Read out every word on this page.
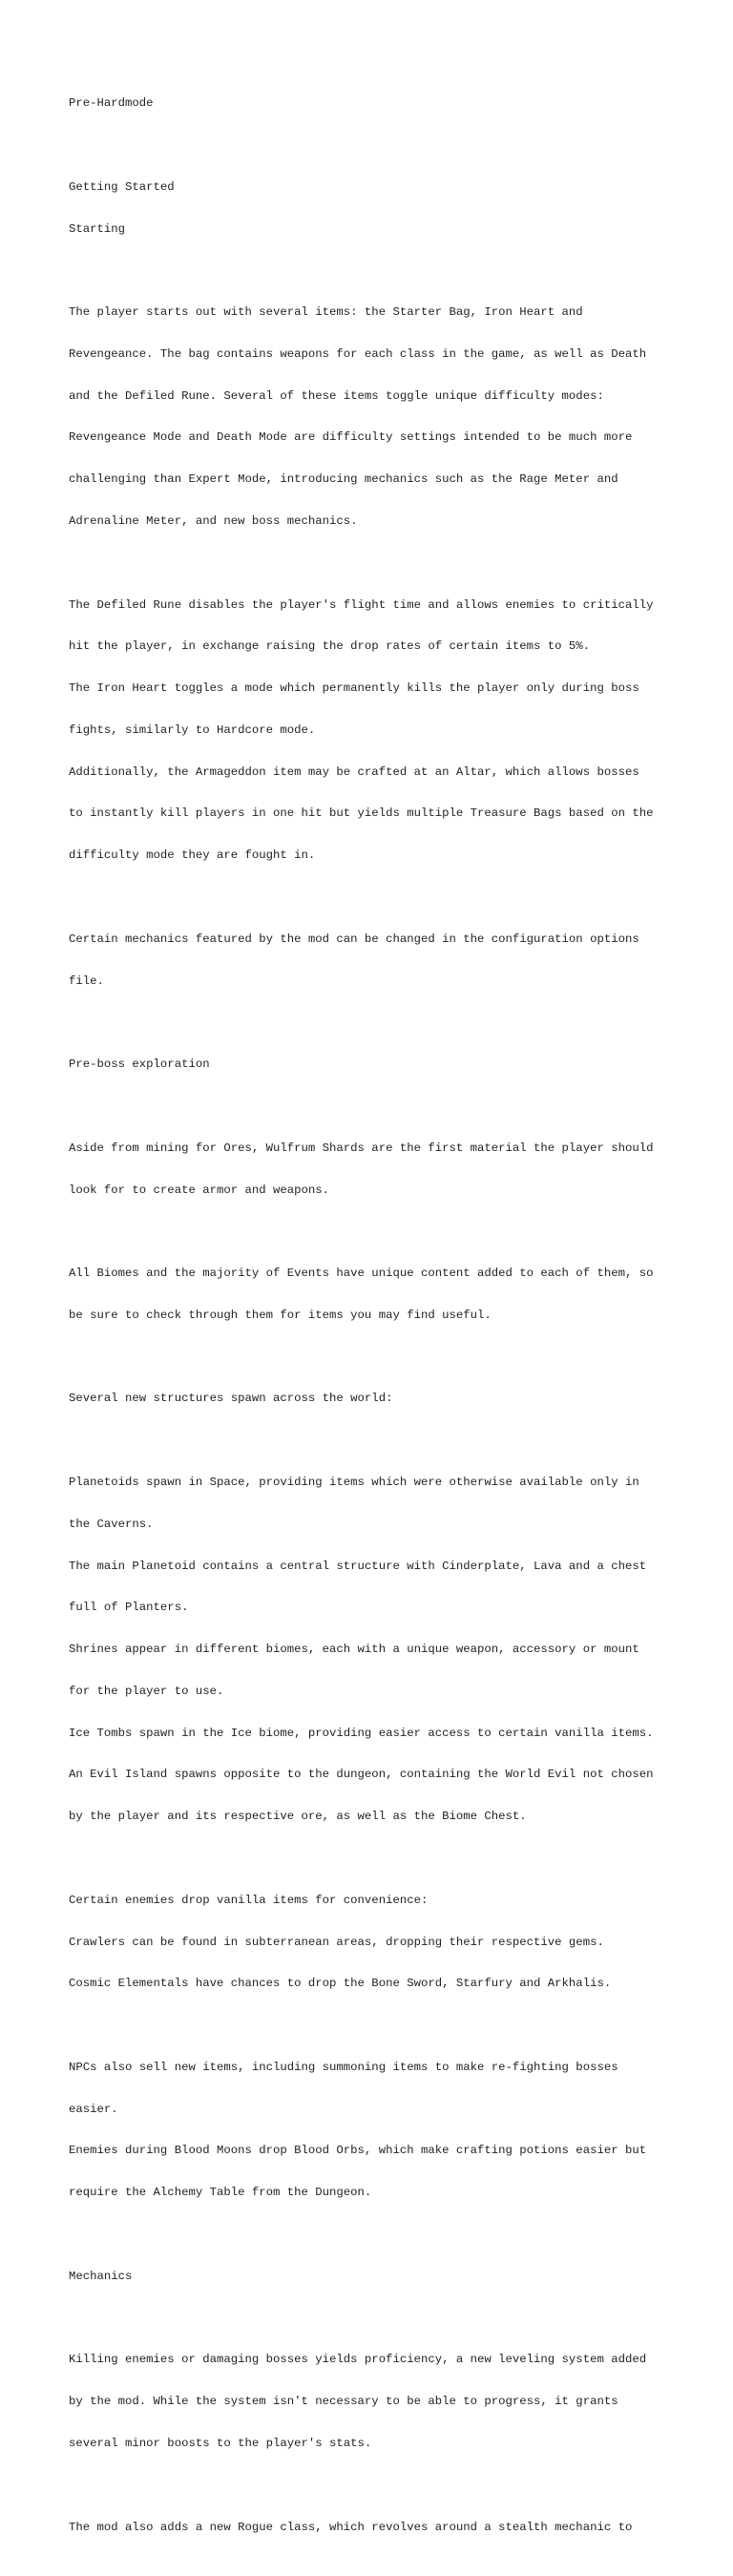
Pre-Hardmode

Getting Started

Starting

The player starts out with several items: the Starter Bag, Iron Heart and

Revengeance. The bag contains weapons for each class in the game, as well as Death

and the Defiled Rune. Several of these items toggle unique difficulty modes:

Revengeance Mode and Death Mode are difficulty settings intended to be much more

challenging than Expert Mode, introducing mechanics such as the Rage Meter and

Adrenaline Meter, and new boss mechanics.

The Defiled Rune disables the player's flight time and allows enemies to critically

hit the player, in exchange raising the drop rates of certain items to 5%.

The Iron Heart toggles a mode which permanently kills the player only during boss

fights, similarly to Hardcore mode.

Additionally, the Armageddon item may be crafted at an Altar, which allows bosses

to instantly kill players in one hit but yields multiple Treasure Bags based on the

difficulty mode they are fought in.

Certain mechanics featured by the mod can be changed in the configuration options

file.

Pre-boss exploration

Aside from mining for Ores, Wulfrum Shards are the first material the player should

look for to create armor and weapons.

All Biomes and the majority of Events have unique content added to each of them, so

be sure to check through them for items you may find useful.

Several new structures spawn across the world:

Planetoids spawn in Space, providing items which were otherwise available only in

the Caverns.

The main Planetoid contains a central structure with Cinderplate, Lava and a chest

full of Planters.

Shrines appear in different biomes, each with a unique weapon, accessory or mount

for the player to use.

Ice Tombs spawn in the Ice biome, providing easier access to certain vanilla items.

An Evil Island spawns opposite to the dungeon, containing the World Evil not chosen

by the player and its respective ore, as well as the Biome Chest.

Certain enemies drop vanilla items for convenience:

Crawlers can be found in subterranean areas, dropping their respective gems.

Cosmic Elementals have chances to drop the Bone Sword, Starfury and Arkhalis.

NPCs also sell new items, including summoning items to make re-fighting bosses

easier.

Enemies during Blood Moons drop Blood Orbs, which make crafting potions easier but

require the Alchemy Table from the Dungeon.

Mechanics

Killing enemies or damaging bosses yields proficiency, a new leveling system added

by the mod. While the system isn't necessary to be able to progress, it grants

several minor boosts to the player's stats.

The mod also adds a new Rogue class, which revolves around a stealth mechanic to
